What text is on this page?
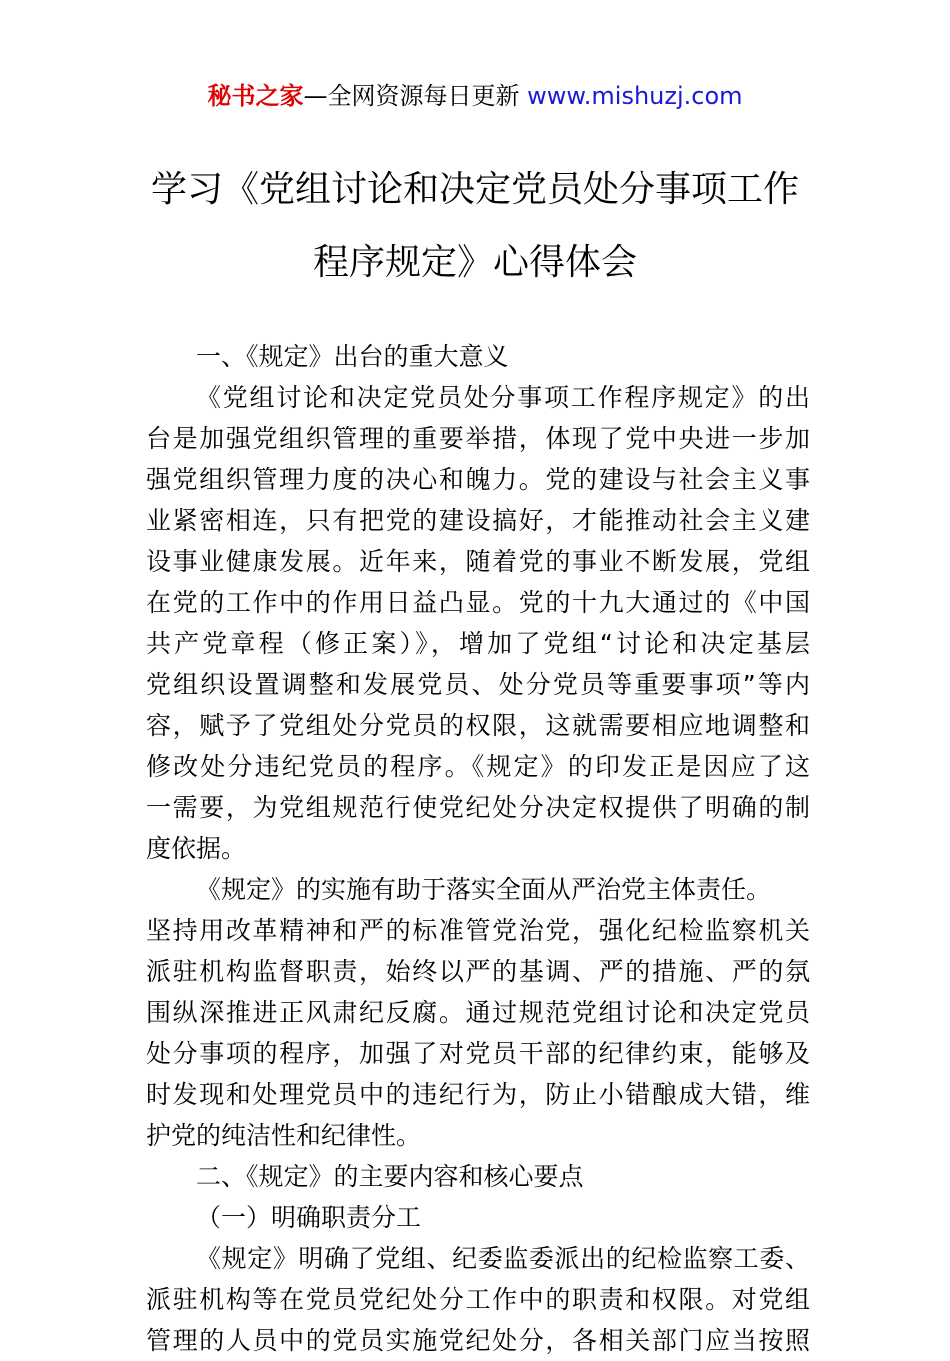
秘书之家—全网资源每日更新 www.mishuzj.com
学习《党组讨论和决定党员处分事项工作
程序规定》心得体会
一、《规定》出台的重大意义
《党组讨论和决定党员处分事项工作程序规定》的出
台是加强党组织管理的重要举措，体现了党中央进一步加
强党组织管理力度的决心和魄力。党的建设与社会主义事
业紧密相连，只有把党的建设搞好，才能推动社会主义建
设事业健康发展。近年来，随着党的事业不断发展，党组
在党的工作中的作用日益凸显。党的十九大通过的《中国
共产党章程（修正案）》，增加了党组“讨论和决定基层
党组织设置调整和发展党员、处分党员等重要事项”等内
容，赋予了党组处分党员的权限，这就需要相应地调整和
修改处分违纪党员的程序。《规定》的印发正是因应了这
一需要，为党组规范行使党纪处分决定权提供了明确的制
度依据。
《规定》的实施有助于落实全面从严治党主体责任。
坚持用改革精神和严的标准管党治党，强化纪检监察机关
派驻机构监督职责，始终以严的基调、严的措施、严的氛
围纵深推进正风肃纪反腐。通过规范党组讨论和决定党员
处分事项的程序，加强了对党员干部的纪律约束，能够及
时发现和处理党员中的违纪行为，防止小错酿成大错，维
护党的纯洁性和纪律性。
二、《规定》的主要内容和核心要点
（一）明确职责分工
《规定》明确了党组、纪委监委派出的纪检监察工委、
派驻机构等在党员党纪处分工作中的职责和权限。对党组
管理的人员中的党员实施党纪处分，各相关部门应当按照
